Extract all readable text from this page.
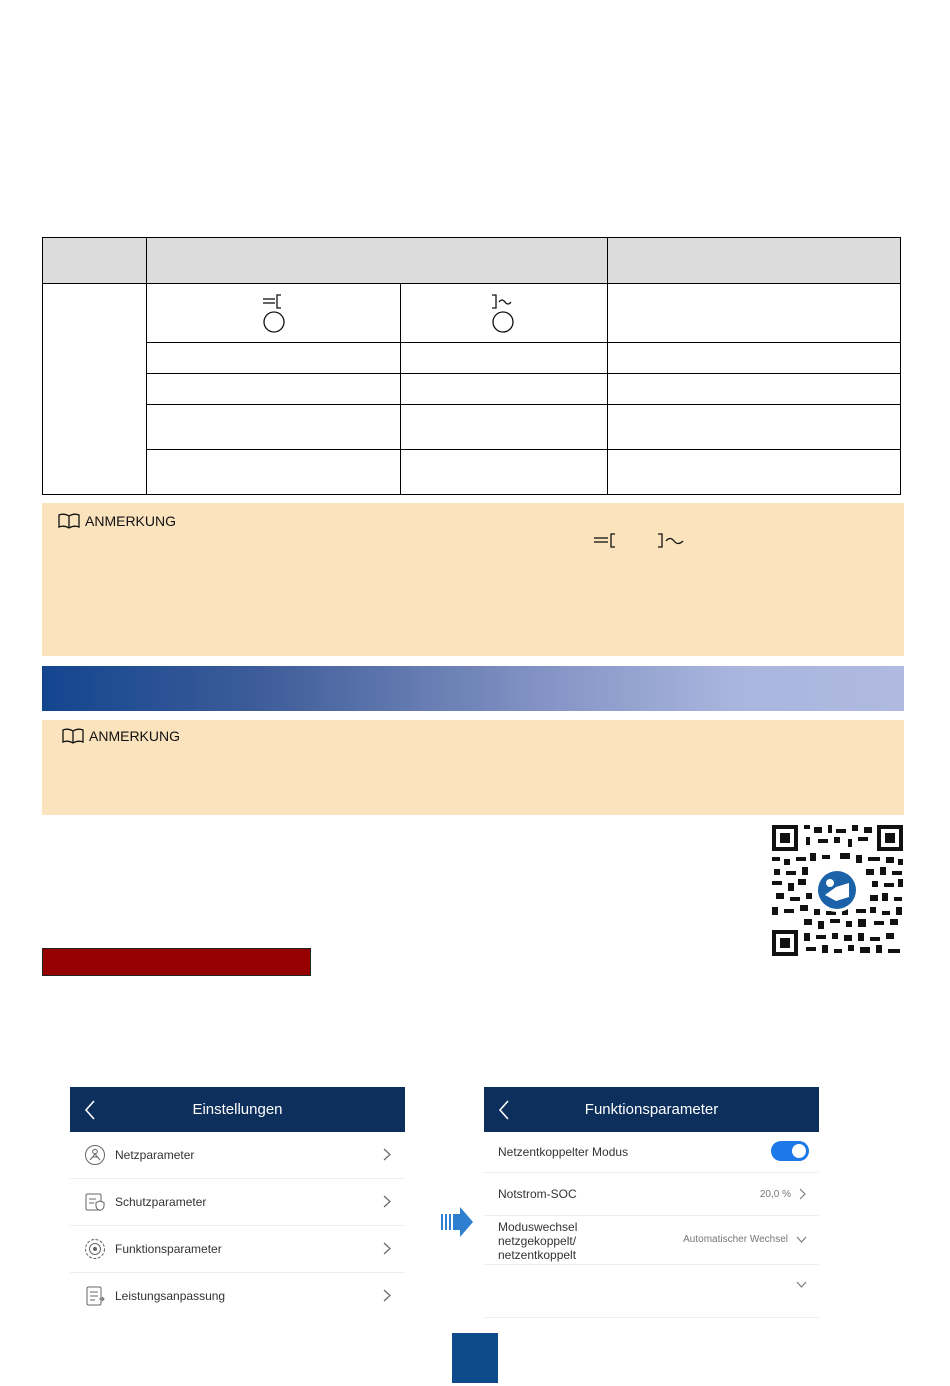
ANMERKUNG
ANMERKUNG
Einstellungen
Netzparameter
Schutzparameter
Funktionsparameter
Leistungsanpassung
Funktionsparameter
Netzentkoppelter Modus
Notstrom-SOC	20,0 %
Moduswechsel
netzgekoppelt/
netzentkoppelt
Automatischer Wechsel
